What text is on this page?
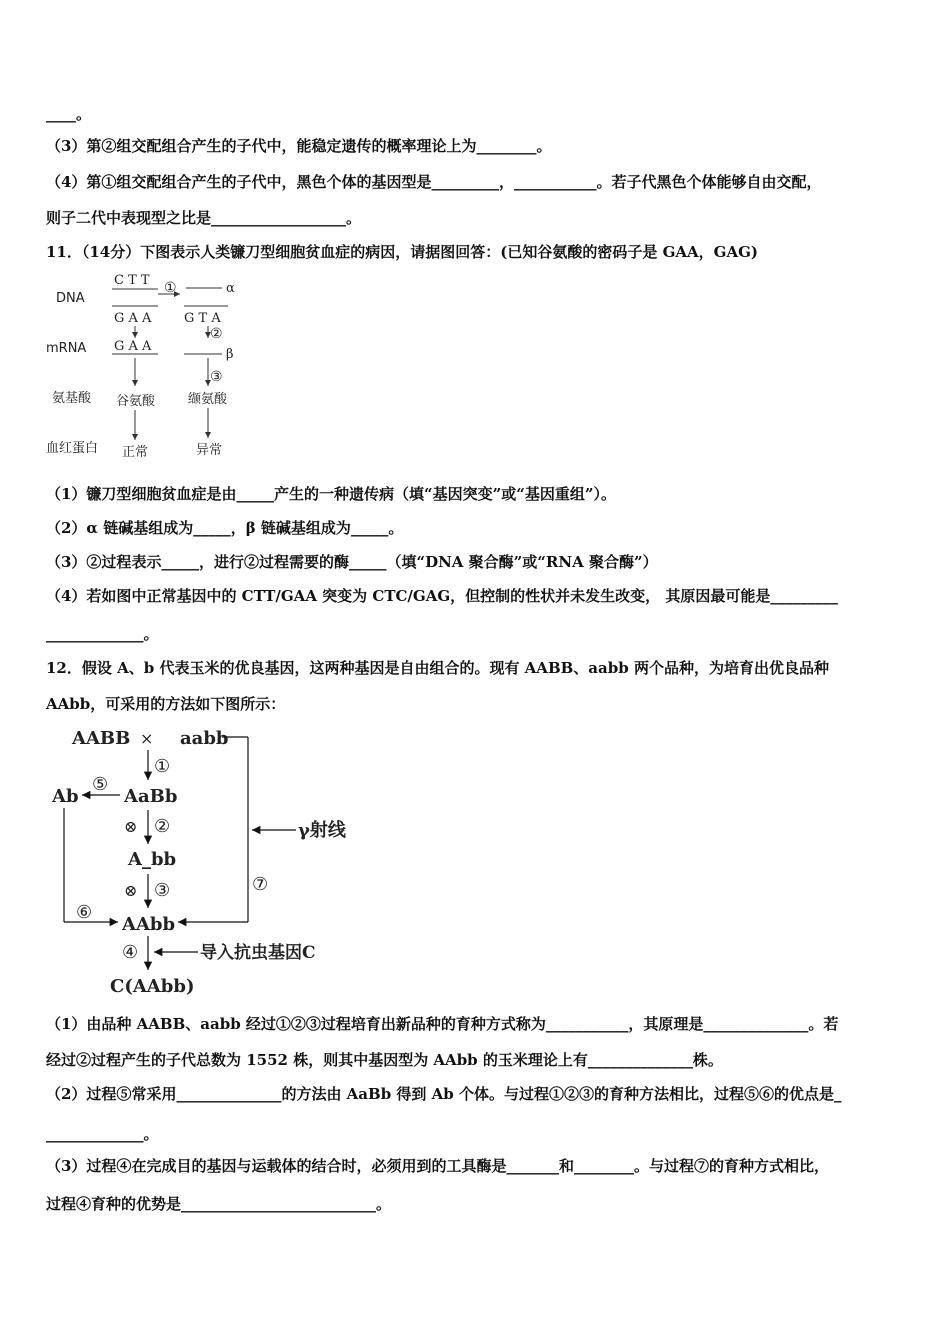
____。
（3）第②组交配组合产生的子代中，能稳定遗传的概率理论上为________。
（4）第①组交配组合产生的子代中，黑色个体的基因型是_________，___________。若子代黑色个体能够自由交配，
则子二代中表现型之比是__________________。
11．（14分）下图表示人类镰刀型细胞贫血症的病因，请据图回答：(已知谷氨酸的密码子是 GAA，GAG)
DNA
mRNA
氨基酸
血红蛋白
C T T ①	α
G A A
G A A
G T A
②
β
③
谷氨酸	缬氨酸
正常	异常
（1）镰刀型细胞贫血症是由_____产生的一种遗传病（填“基因突变”或“基因重组”）。
（2）α 链碱基组成为_____，β 链碱基组成为_____。
（3）②过程表示_____，进行②过程需要的酶_____（填“DNA 聚合酶”或“RNA 聚合酶”）
（4）若如图中正常基因中的 CTT/GAA 突变为 CTC/GAG，但控制的性状并未发生改变， 其原因最可能是_________
_____________。
12．假设 A、b 代表玉米的优良基因，这两种基因是自由组合的。现有 AABB、aabb 两个品种，为培育出优良品种
AAbb，可采用的方法如下图所示：
AABB × aabb
⑦
γ射线
①
Ab
⑤
AaBb
⑥
⊗ ②
A_bb
⊗ ③
AAbb
④	导入抗虫基因C
C(AAbb)
（1）由品种 AABB、aabb 经过①②③过程培育出新品种的育种方式称为___________，其原理是______________。若
经过②过程产生的子代总数为 1552 株，则其中基因型为 AAbb 的玉米理论上有______________株。
（2）过程⑤常采用______________的方法由 AaBb 得到 Ab 个体。与过程①②③的育种方法相比，过程⑤⑥的优点是_
_____________。
（3）过程④在完成目的基因与运载体的结合时，必须用到的工具酶是_______和________。与过程⑦的育种方式相比，
过程④育种的优势是__________________________。
